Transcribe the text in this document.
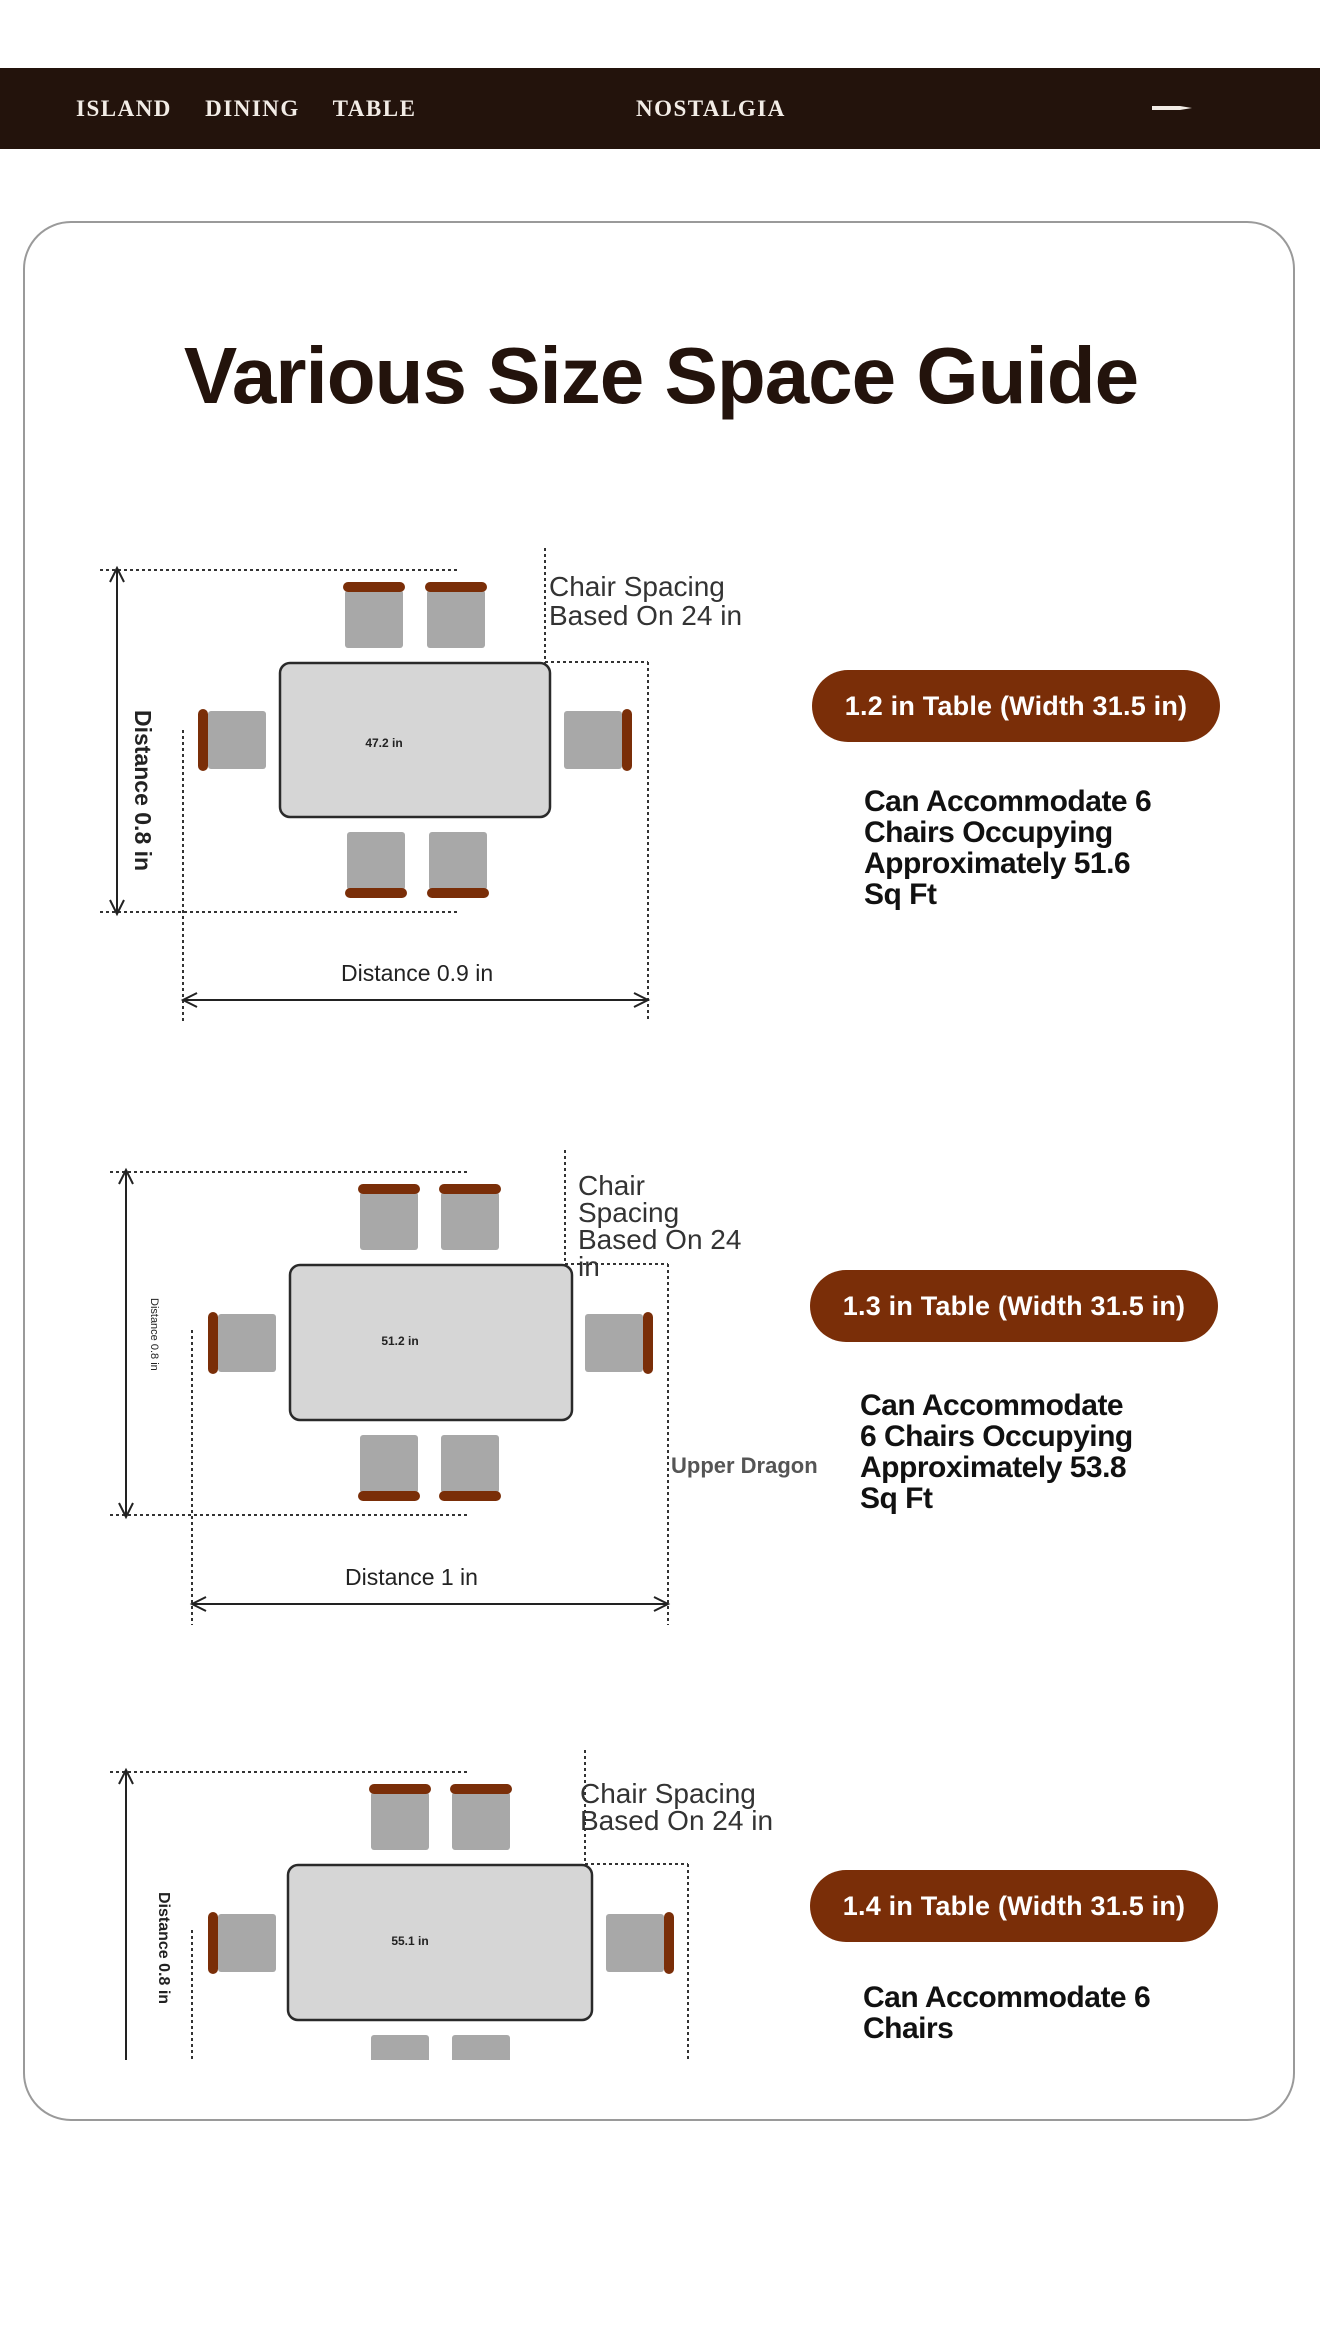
ISLAND DINING TABLE	NOSTALGIA
Various Size Space Guide
47.2 in
Chair Spacing Based On 24 in
Distance 0.9 in
Distance 0.8 in
1.2 in Table (Width 31.5 in)
Can Accommodate 6 Chairs Occupying Approximately 51.6 Sq Ft
51.2 in
Chair Spacing Based On 24 in
Distance 1 in
Distance 0.8 in
Upper Dragon
1.3 in Table (Width 31.5 in)
Can Accommodate 6 Chairs Occupying Approximately 53.8 Sq Ft
55.1 in
Chair Spacing Based On 24 in
Distance 0.8 in	1.4 in Table (Width 31.5 in)
Can Accommodate 6 Chairs
